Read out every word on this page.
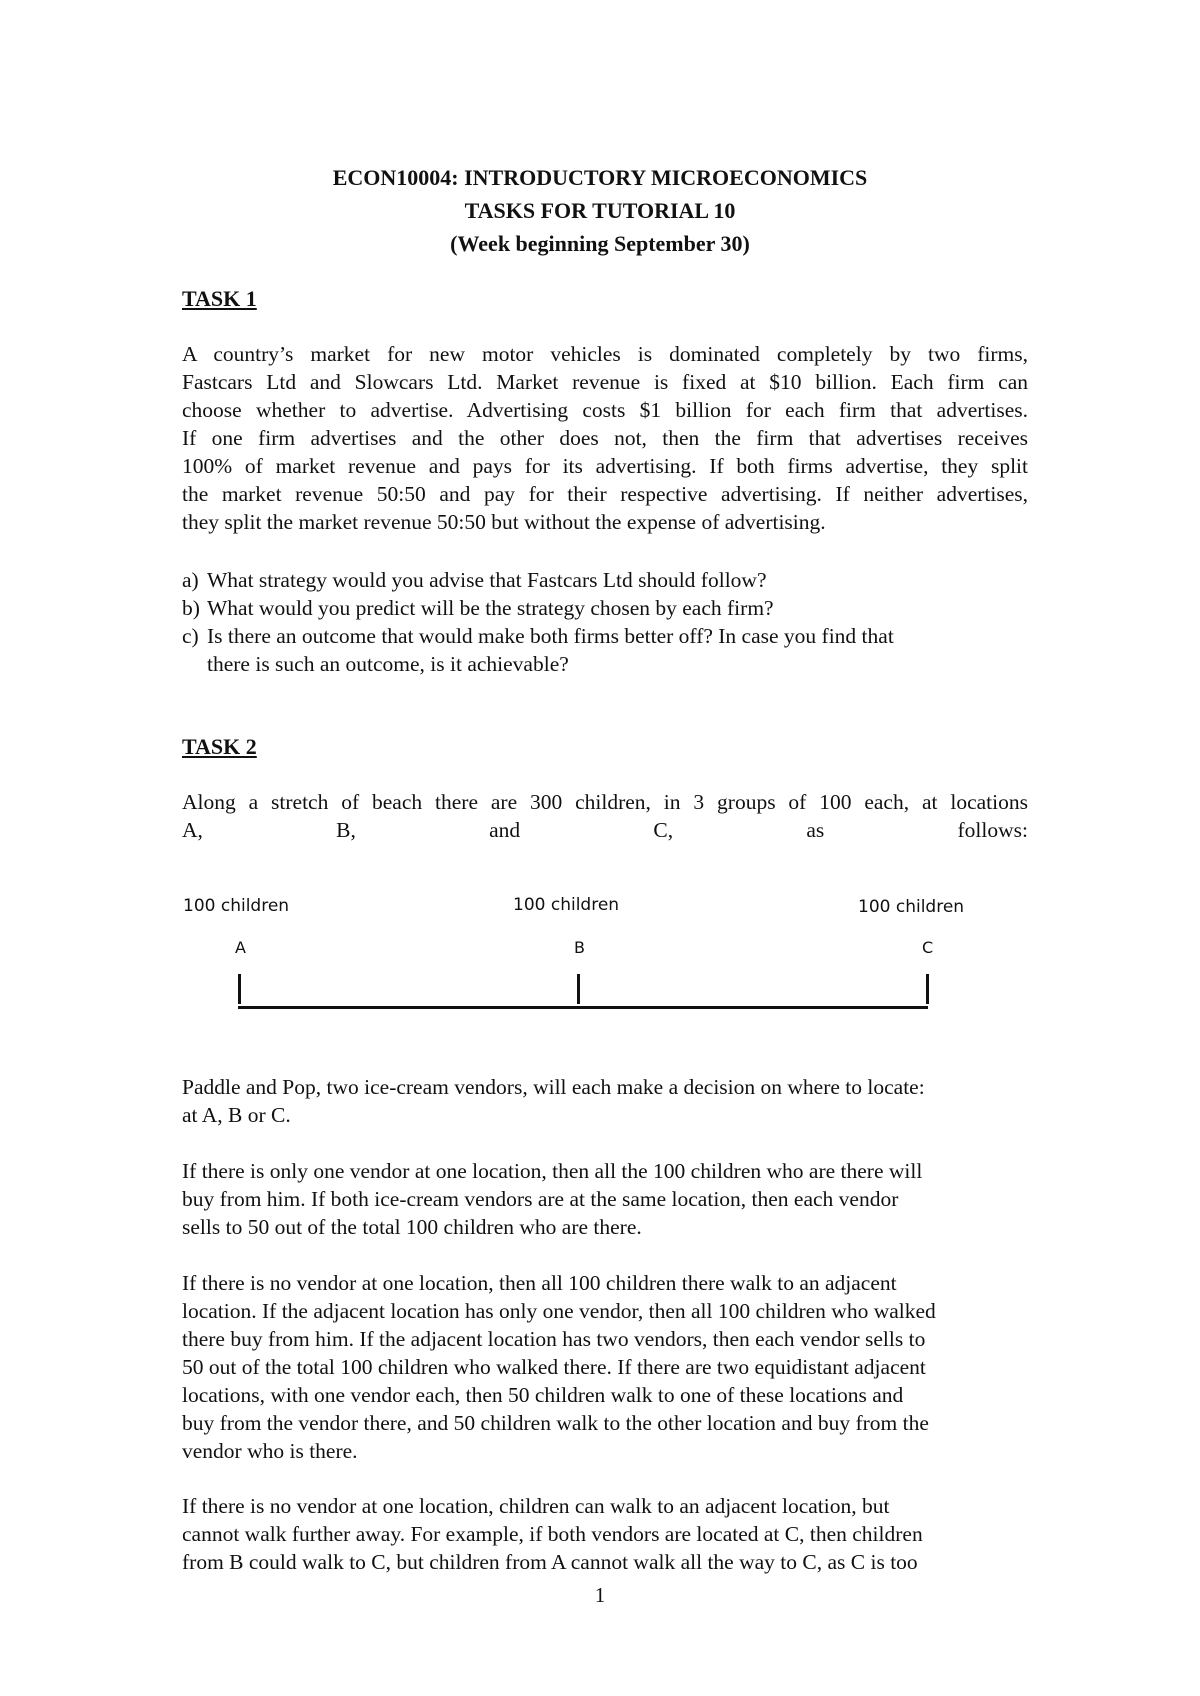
ECON10004: INTRODUCTORY MICROECONOMICS
TASKS FOR TUTORIAL 10
(Week beginning September 30)
TASK 1
A country’s market for new motor vehicles is dominated completely by two firms,
Fastcars Ltd and Slowcars Ltd. Market revenue is fixed at $10 billion. Each firm can
choose whether to advertise. Advertising costs $1 billion for each firm that advertises.
If one firm advertises and the other does not, then the firm that advertises receives
100% of market revenue and pays for its advertising. If both firms advertise, they split
the market revenue 50:50 and pay for their respective advertising. If neither advertises,
they split the market revenue 50:50 but without the expense of advertising.
a) What strategy would you advise that Fastcars Ltd should follow?
b) What would you predict will be the strategy chosen by each firm?
c) Is there an outcome that would make both firms better off? In case you find that
there is such an outcome, is it achievable?
TASK 2
Along a stretch of beach there are 300 children, in 3 groups of 100 each, at locations
A,	B,	and	C,	as	follows:
100 children	100 children	100 children
A	B	C
Paddle and Pop, two ice-cream vendors, will each make a decision on where to locate:
at A, B or C.
If there is only one vendor at one location, then all the 100 children who are there will
buy from him. If both ice-cream vendors are at the same location, then each vendor
sells to 50 out of the total 100 children who are there.
If there is no vendor at one location, then all 100 children there walk to an adjacent
location. If the adjacent location has only one vendor, then all 100 children who walked
there buy from him. If the adjacent location has two vendors, then each vendor sells to
50 out of the total 100 children who walked there. If there are two equidistant adjacent
locations, with one vendor each, then 50 children walk to one of these locations and
buy from the vendor there, and 50 children walk to the other location and buy from the
vendor who is there.
If there is no vendor at one location, children can walk to an adjacent location, but
cannot walk further away. For example, if both vendors are located at C, then children
from B could walk to C, but children from A cannot walk all the way to C, as C is too
1
